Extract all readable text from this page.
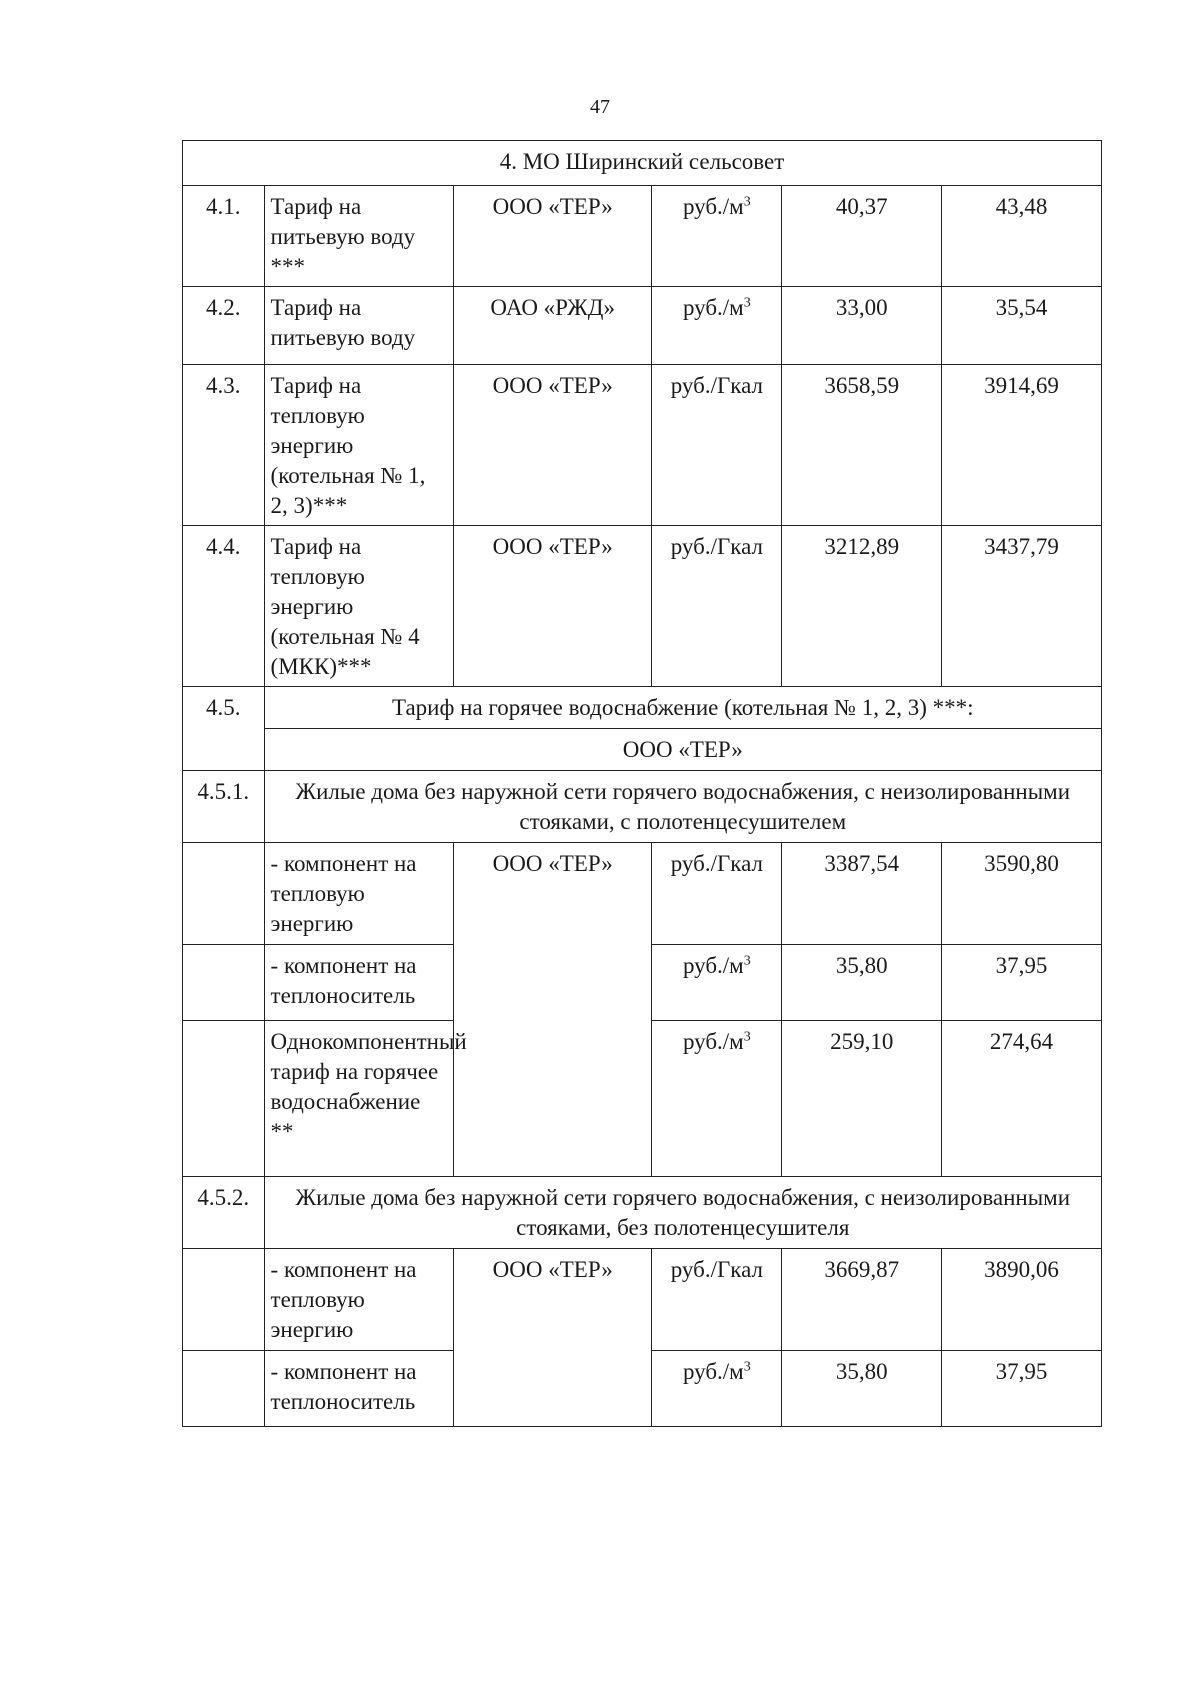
47
4. МО Ширинский сельсовет					
4.1.	Тариф на питьевую воду ***	ООО «ТЕР»	$руб./м^3$	40,37	43,48
4.2.	Тариф на питьевую воду	ОАО «РЖД»	$руб./м^3$	33,00	35,54
4.3.	Тариф на тепловую энергию (котельная № 1, 2, 3)***	ООО «ТЕР»	руб./Гкал	3658,59	3914,69
4.4.	Тариф на тепловую энергию (котельная № 4 (МКК)***	ООО «ТЕР»	руб./Гкал	3212,89	3437,79
4.5.	Тариф на горячее водоснабжение (котельная № 1, 2, 3) ***:				
	ООО «ТЕР»				
4.5.1.	Жилые дома без наружной сети горячего водоснабжения, с неизолированными стояками, с полотенцесушителем				
	- компонент на тепловую энергию	ООО «ТЕР»	руб./Гкал	3387,54	3590,80
	- компонент на теплоноситель		$руб./м^3$	35,80	37,95
	Однокомпонентный тариф на горячее водоснабжение **		$руб./м^3$	259,10	274,64
4.5.2.	Жилые дома без наружной сети горячего водоснабжения, с неизолированными стояками, без полотенцесушителя				
	- компонент на тепловую энергию	ООО «ТЕР»	руб./Гкал	3669,87	3890,06
	- компонент на теплоноситель		$руб./м^3$	35,80	37,95
